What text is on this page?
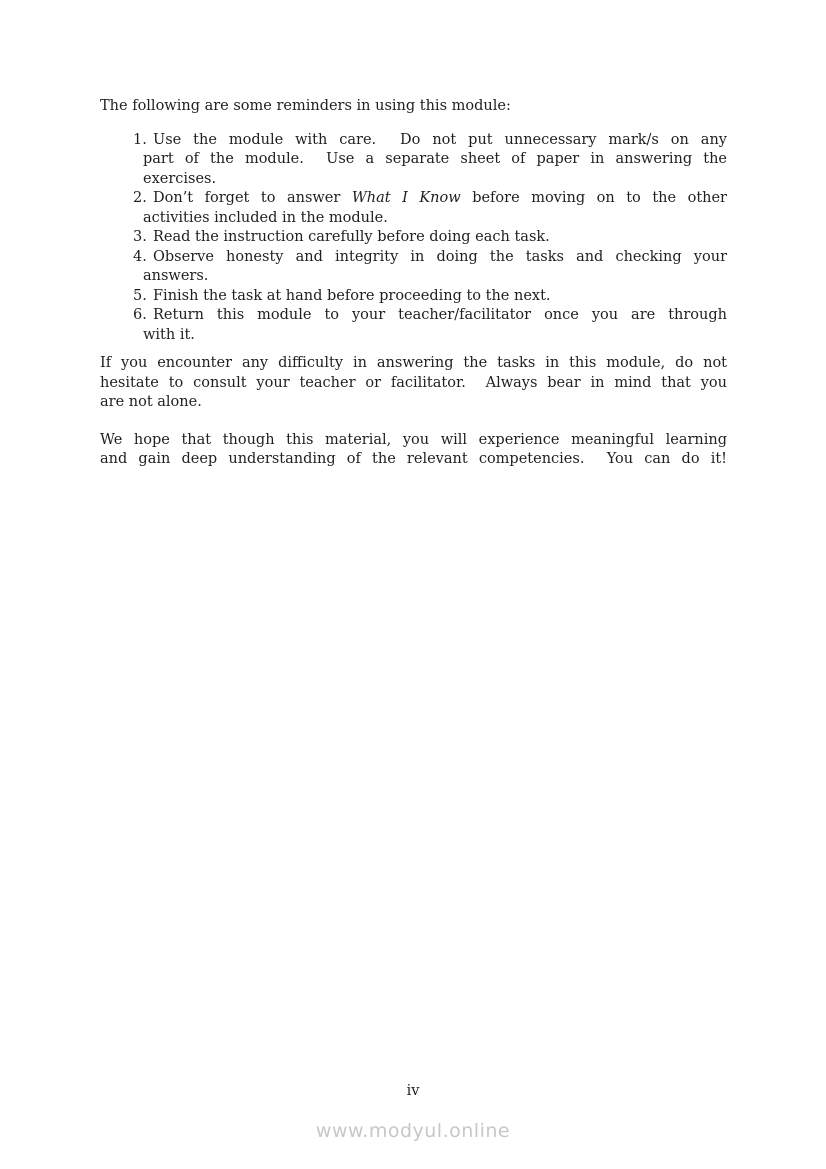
The following are some reminders in using this module:

1. Use the module with care.  Do not put unnecessary mark/s on any
part of the module.  Use a separate sheet of paper in answering the
exercises.
2. Don’t forget to answer What I Know before moving on to the other
activities included in the module.
3. Read the instruction carefully before doing each task.
4. Observe honesty and integrity in doing the tasks and checking your
answers.
5. Finish the task at hand before proceeding to the next.
6. Return this module to your teacher/facilitator once you are through
with it.
If you encounter any difficulty in answering the tasks in this module, do not
hesitate to consult your teacher or facilitator.  Always bear in mind that you
are not alone.
We hope that though this material, you will experience meaningful learning
and gain deep understanding of the relevant competencies.  You can do it!
iv
www.modyul.online
